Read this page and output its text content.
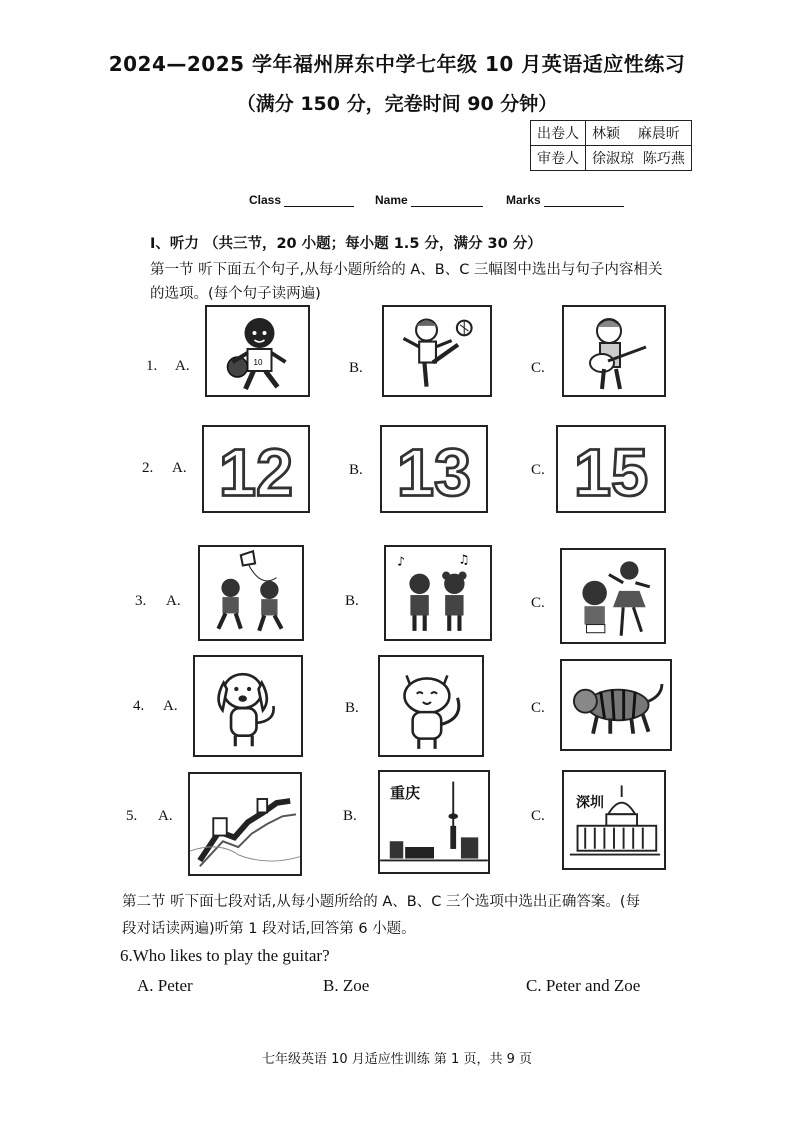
2024—2025 学年福州屏东中学七年级 10 月英语适应性练习
（满分 150 分，完卷时间 90 分钟）
出卷人	林颖    麻晨昕
审卷人	徐淑琼  陈巧燕
Class	Name	Marks
I、听力 （共三节，20 小题；每小题 1.5 分，满分 30 分）
第一节 听下面五个句子,从每小题所给的 A、B、C 三幅图中选出与句子内容相关
的选项。(每个句子读两遍)
1. A.	10	B.	C.
2. A. 12	B. 13	C. 15
3. A.	B.
♪	♫
C.
4. A.	B.	C.
5. A.	B.
重庆
C.
深圳
第二节 听下面七段对话,从每小题所给的 A、B、C 三个选项中选出正确答案。(每
段对话读两遍)听第 1 段对话,回答第 6 小题。
6.Who likes to play the guitar?
A. Peter	B. Zoe	C. Peter and Zoe
七年级英语 10 月适应性训练 第 1 页，共 9 页
